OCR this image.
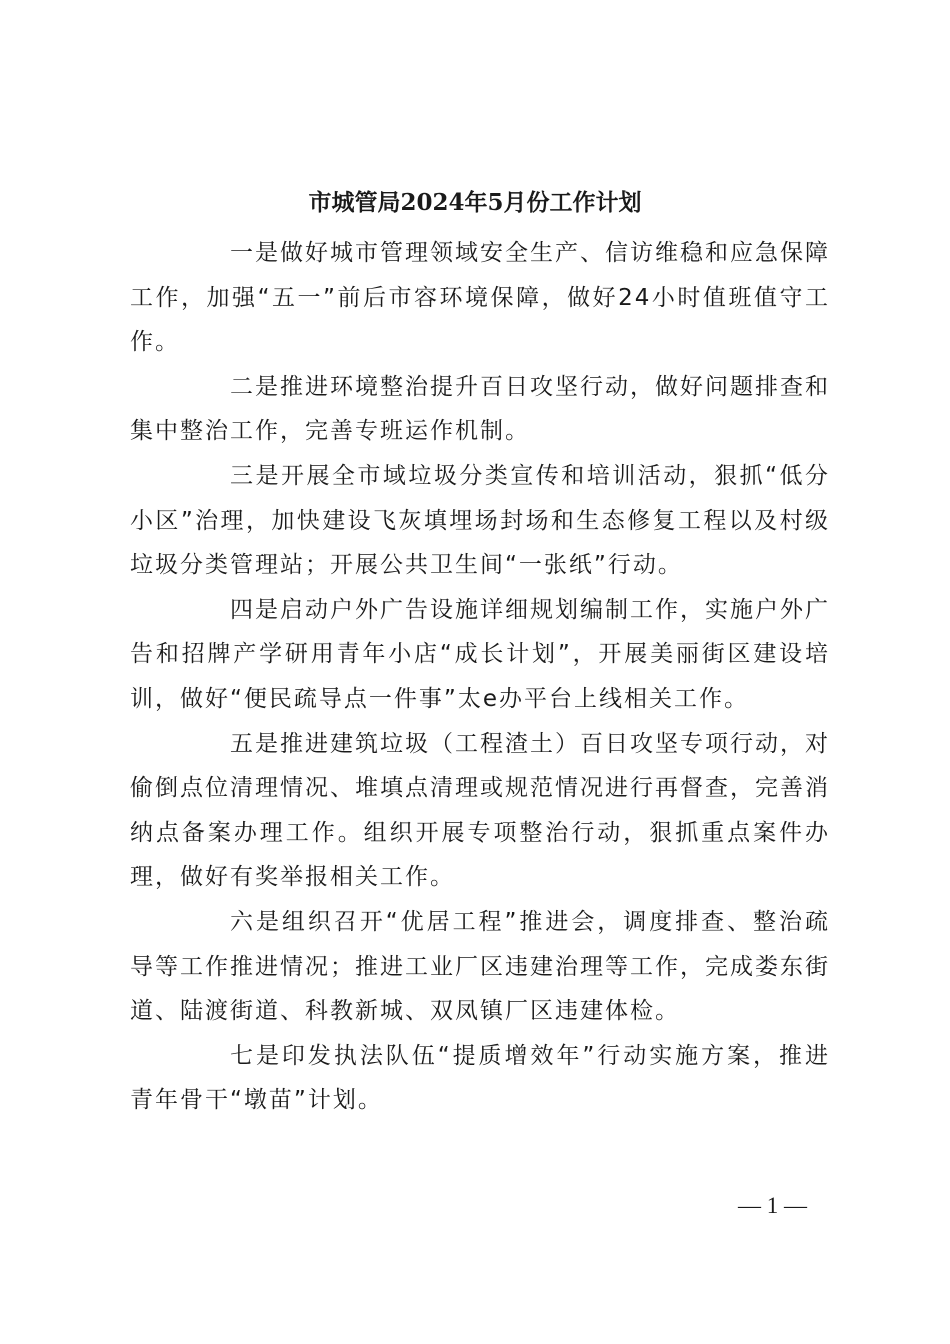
市城管局2024年5月份工作计划

一是做好城市管理领域安全生产、信访维稳和应急保障工作，加强“五一”前后市容环境保障，做好24小时值班值守工作。

二是推进环境整治提升百日攻坚行动，做好问题排查和集中整治工作，完善专班运作机制。

三是开展全市域垃圾分类宣传和培训活动，狠抓“低分小区”治理，加快建设飞灰填埋场封场和生态修复工程以及村级垃圾分类管理站；开展公共卫生间“一张纸”行动。

四是启动户外广告设施详细规划编制工作，实施户外广告和招牌产学研用青年小店“成长计划”，开展美丽街区建设培训，做好“便民疏导点一件事”太e办平台上线相关工作。

五是推进建筑垃圾（工程渣土）百日攻坚专项行动，对偷倒点位清理情况、堆填点清理或规范情况进行再督查，完善消纳点备案办理工作。组织开展专项整治行动，狠抓重点案件办理，做好有奖举报相关工作。

六是组织召开“优居工程”推进会，调度排查、整治疏导等工作推进情况；推进工业厂区违建治理等工作，完成娄东街道、陆渡街道、科教新城、双凤镇厂区违建体检。

七是印发执法队伍“提质增效年”行动实施方案，推进青年骨干“墩苗”计划。

— 1 —
